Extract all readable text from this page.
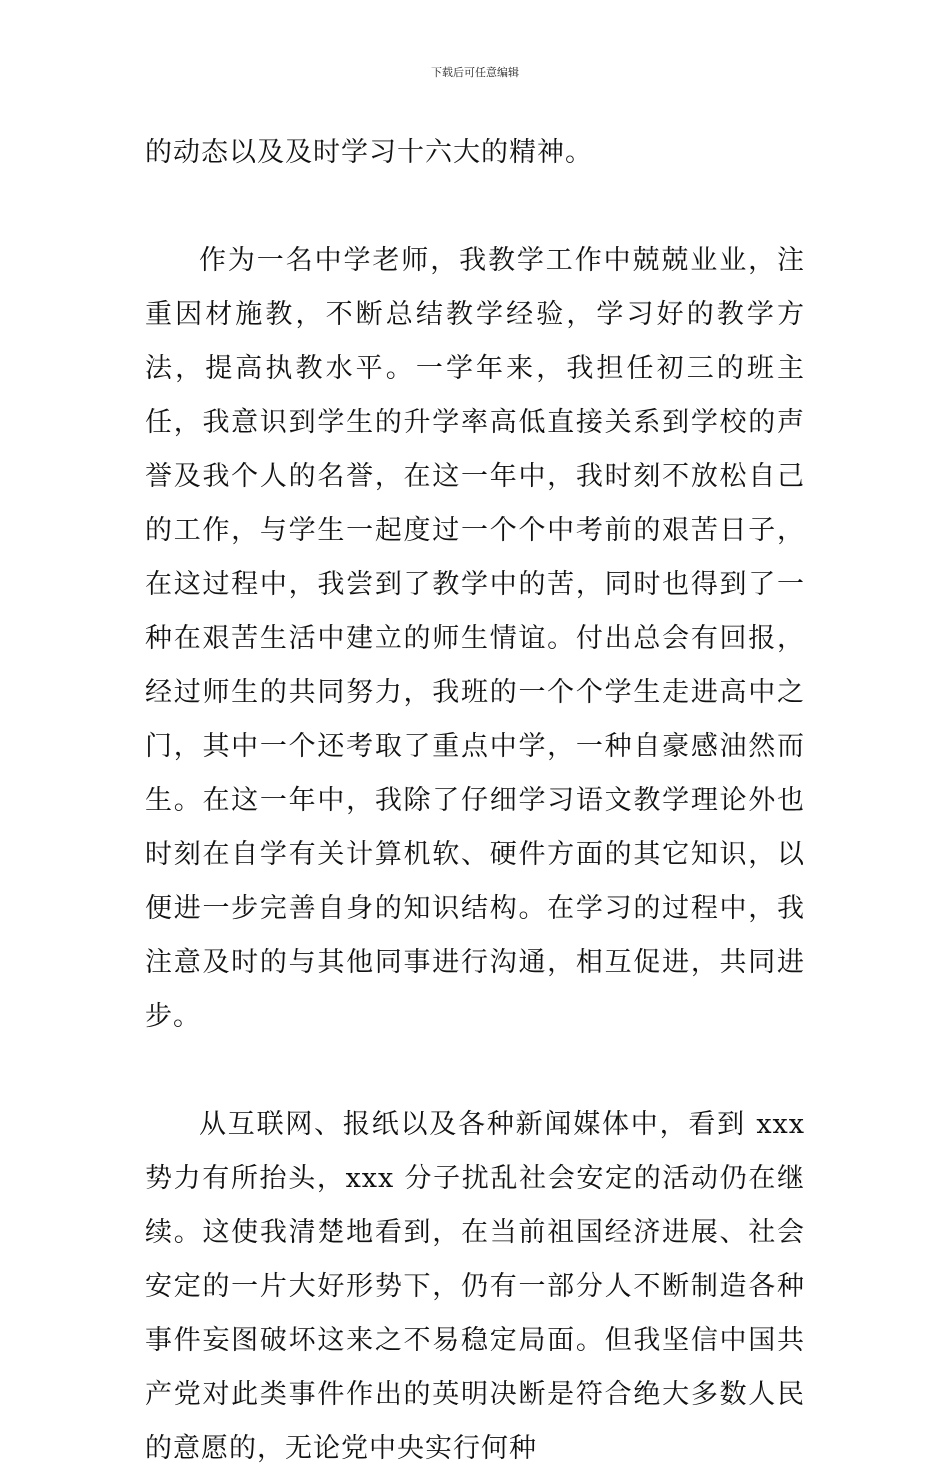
下载后可任意编辑

的动态以及及时学习十六大的精神。

作为一名中学老师，我教学工作中兢兢业业，注重因材施教，不断总结教学经验，学习好的教学方法，提高执教水平。一学年来，我担任初三的班主任，我意识到学生的升学率高低直接关系到学校的声誉及我个人的名誉，在这一年中，我时刻不放松自己的工作，与学生一起度过一个个中考前的艰苦日子，在这过程中，我尝到了教学中的苦，同时也得到了一种在艰苦生活中建立的师生情谊。付出总会有回报，经过师生的共同努力，我班的一个个学生走进高中之门，其中一个还考取了重点中学，一种自豪感油然而生。在这一年中，我除了仔细学习语文教学理论外也时刻在自学有关计算机软、硬件方面的其它知识，以便进一步完善自身的知识结构。在学习的过程中，我注意及时的与其他同事进行沟通，相互促进，共同进步。

从互联网、报纸以及各种新闻媒体中，看到 xxx 势力有所抬头，xxx 分子扰乱社会安定的活动仍在继续。这使我清楚地看到，在当前祖国经济进展、社会安定的一片大好形势下，仍有一部分人不断制造各种事件妄图破坏这来之不易稳定局面。但我坚信中国共产党对此类事件作出的英明决断是符合绝大多数人民的意愿的，无论党中央实行何种
